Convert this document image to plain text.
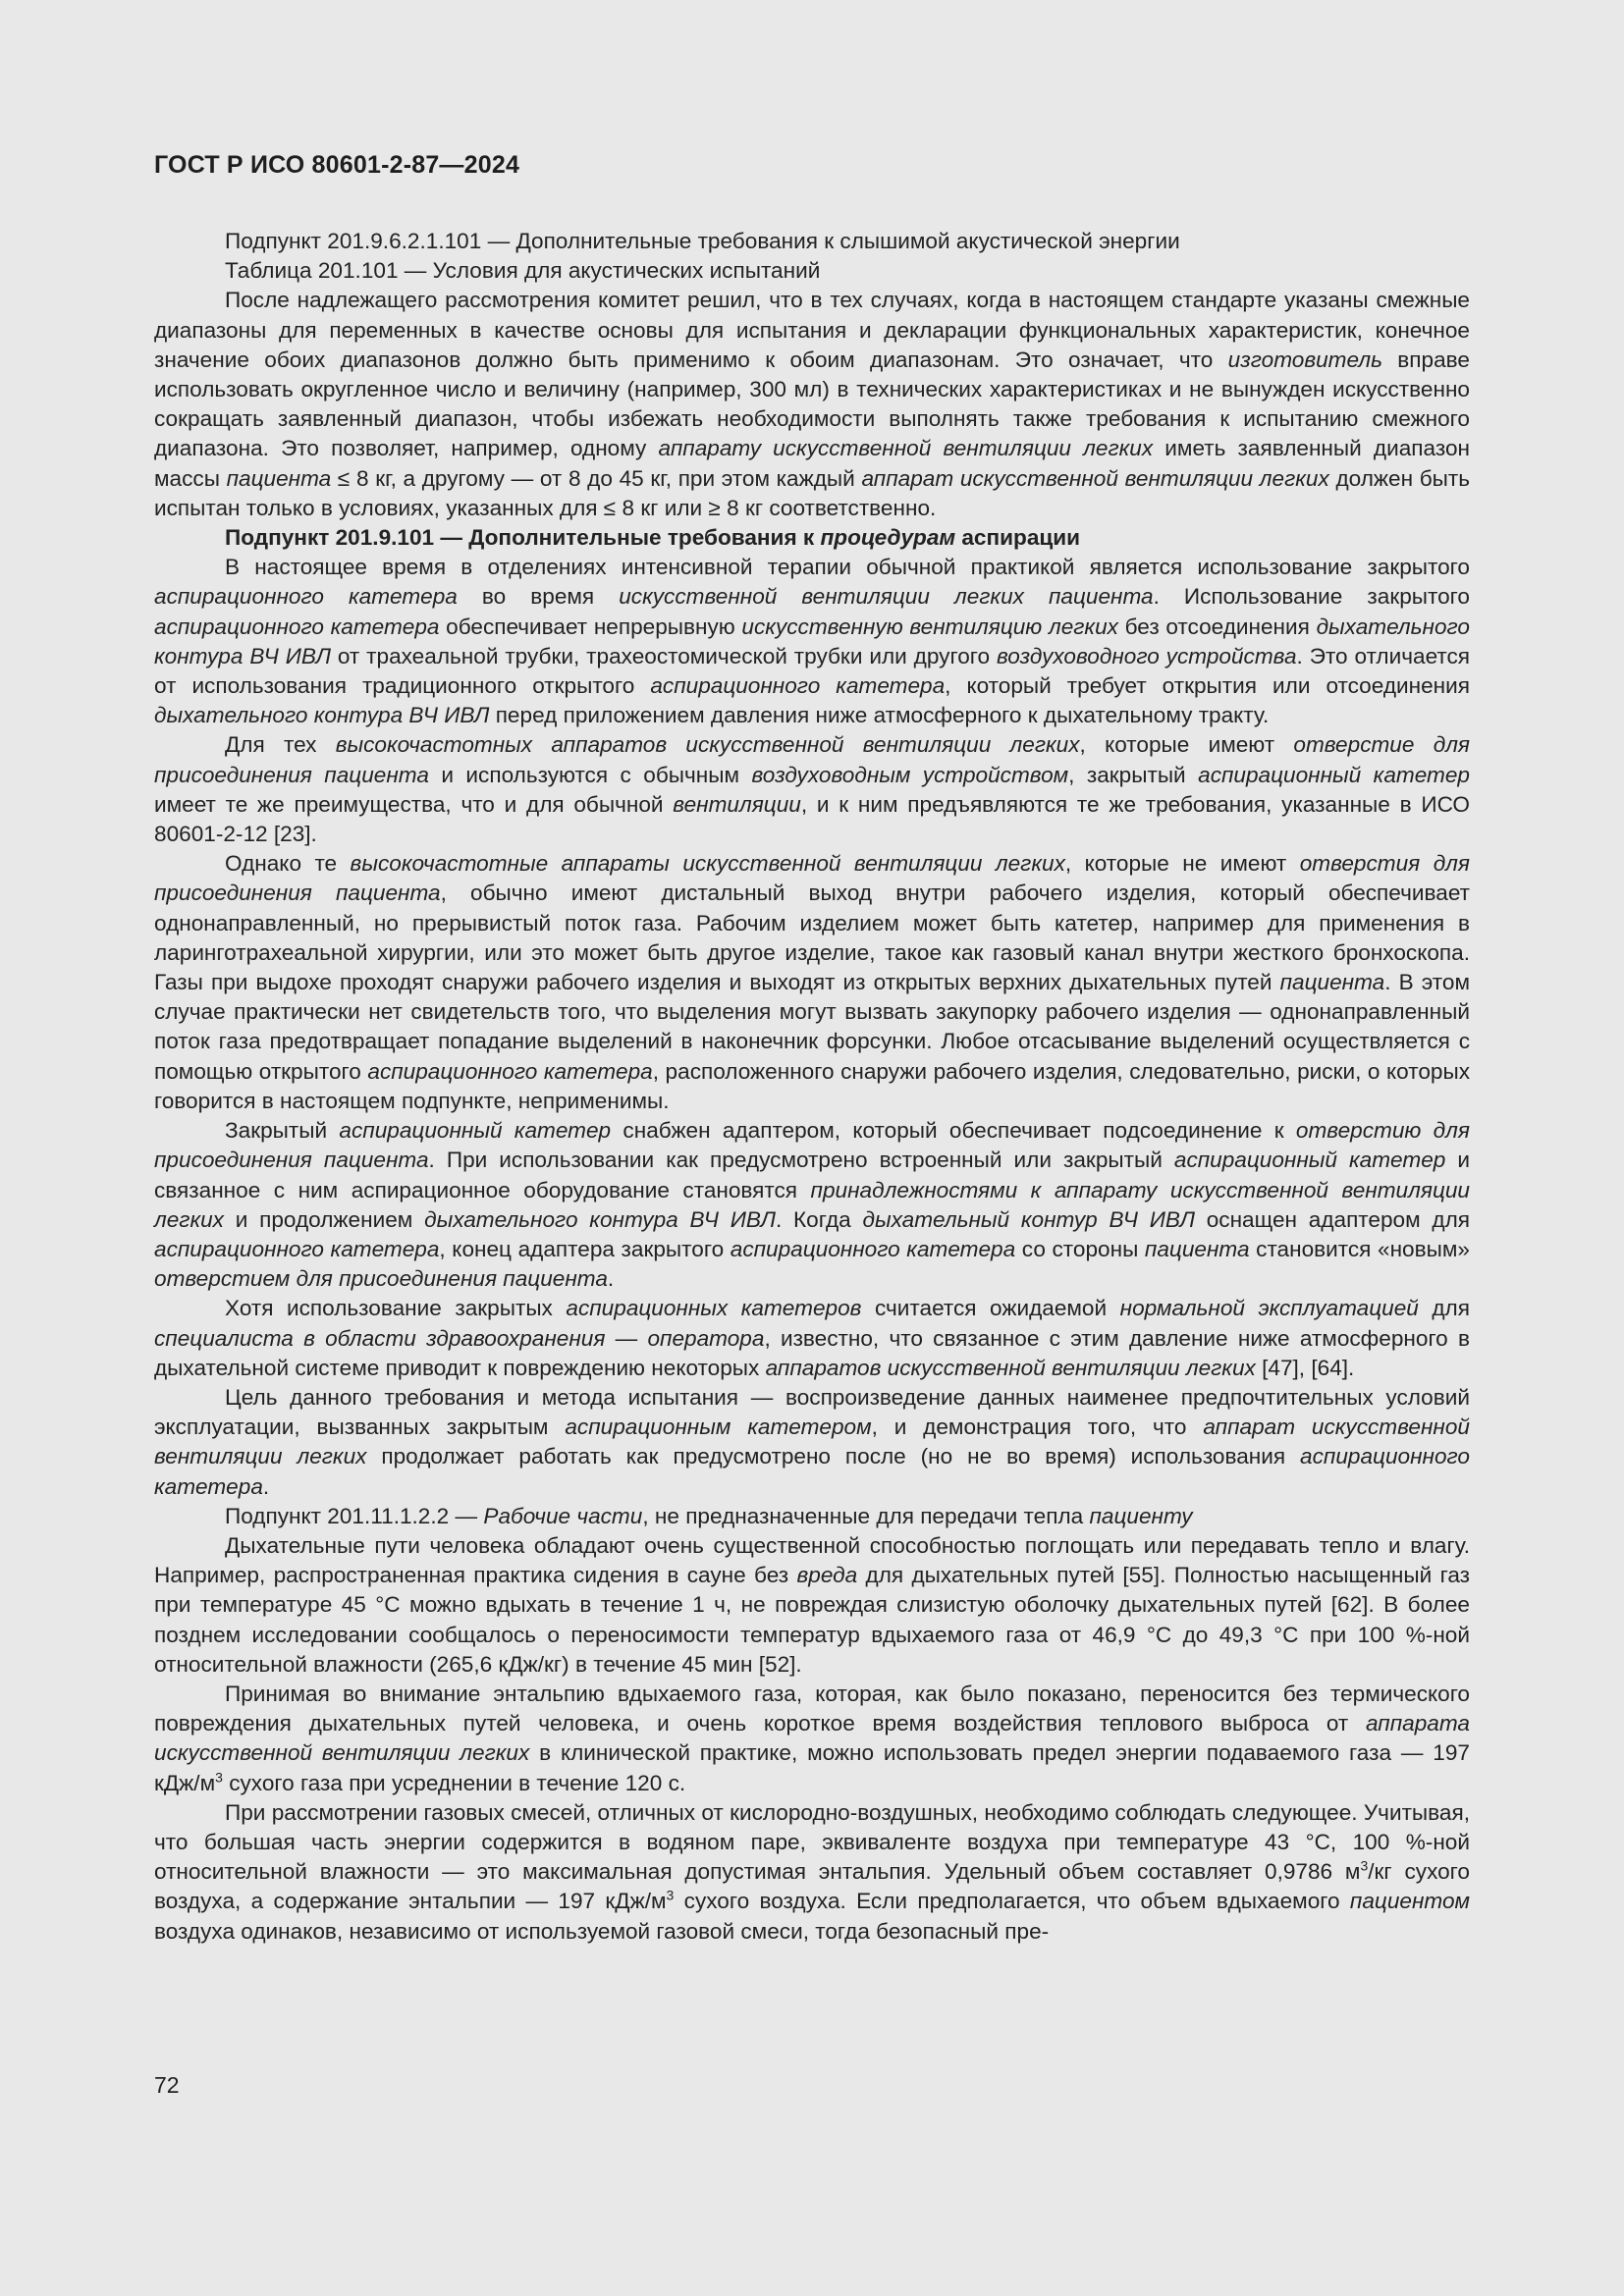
ГОСТ Р ИСО 80601-2-87—2024

Подпункт 201.9.6.2.1.101 — Дополнительные требования к слышимой акустической энергии

Таблица 201.101 — Условия для акустических испытаний

После надлежащего рассмотрения комитет решил, что в тех случаях, когда в настоящем стандарте указаны смежные диапазоны для переменных в качестве основы для испытания и декларации функциональных характеристик, конечное значение обоих диапазонов должно быть применимо к обоим диапазонам. Это означает, что изготовитель вправе использовать округленное число и величину (например, 300 мл) в технических характеристиках и не вынужден искусственно сокращать заявленный диапазон, чтобы избежать необходимости выполнять также требования к испытанию смежного диапазона. Это позволяет, например, одному аппарату искусственной вентиляции легких иметь заявленный диапазон массы пациента ≤ 8 кг, а другому — от 8 до 45 кг, при этом каждый аппарат искусственной вентиляции легких должен быть испытан только в условиях, указанных для ≤ 8 кг или ≥ 8 кг соответственно.

Подпункт 201.9.101 — Дополнительные требования к процедурам аспирации

В настоящее время в отделениях интенсивной терапии обычной практикой является использование закрытого аспирационного катетера во время искусственной вентиляции легких пациента. Использование закрытого аспирационного катетера обеспечивает непрерывную искусственную вентиляцию легких без отсоединения дыхательного контура ВЧ ИВЛ от трахеальной трубки, трахеостомической трубки или другого воздуховодного устройства. Это отличается от использования традиционного открытого аспирационного катетера, который требует открытия или отсоединения дыхательного контура ВЧ ИВЛ перед приложением давления ниже атмосферного к дыхательному тракту.

Для тех высокочастотных аппаратов искусственной вентиляции легких, которые имеют отверстие для присоединения пациента и используются с обычным воздуховодным устройством, закрытый аспирационный катетер имеет те же преимущества, что и для обычной вентиляции, и к ним предъявляются те же требования, указанные в ИСО 80601-2-12 [23].

Однако те высокочастотные аппараты искусственной вентиляции легких, которые не имеют отверстия для присоединения пациента, обычно имеют дистальный выход внутри рабочего изделия, который обеспечивает однонаправленный, но прерывистый поток газа. Рабочим изделием может быть катетер, например для применения в ларинготрахеальной хирургии, или это может быть другое изделие, такое как газовый канал внутри жесткого бронхоскопа. Газы при выдохе проходят снаружи рабочего изделия и выходят из открытых верхних дыхательных путей пациента. В этом случае практически нет свидетельств того, что выделения могут вызвать закупорку рабочего изделия — однонаправленный поток газа предотвращает попадание выделений в наконечник форсунки. Любое отсасывание выделений осуществляется с помощью открытого аспирационного катетера, расположенного снаружи рабочего изделия, следовательно, риски, о которых говорится в настоящем подпункте, неприменимы.

Закрытый аспирационный катетер снабжен адаптером, который обеспечивает подсоединение к отверстию для присоединения пациента. При использовании как предусмотрено встроенный или закрытый аспирационный катетер и связанное с ним аспирационное оборудование становятся принадлежностями к аппарату искусственной вентиляции легких и продолжением дыхательного контура ВЧ ИВЛ. Когда дыхательный контур ВЧ ИВЛ оснащен адаптером для аспирационного катетера, конец адаптера закрытого аспирационного катетера со стороны пациента становится «новым» отверстием для присоединения пациента.

Хотя использование закрытых аспирационных катетеров считается ожидаемой нормальной эксплуатацией для специалиста в области здравоохранения — оператора, известно, что связанное с этим давление ниже атмосферного в дыхательной системе приводит к повреждению некоторых аппаратов искусственной вентиляции легких [47], [64].

Цель данного требования и метода испытания — воспроизведение данных наименее предпочтительных условий эксплуатации, вызванных закрытым аспирационным катетером, и демонстрация того, что аппарат искусственной вентиляции легких продолжает работать как предусмотрено после (но не во время) использования аспирационного катетера.

Подпункт 201.11.1.2.2 — Рабочие части, не предназначенные для передачи тепла пациенту

Дыхательные пути человека обладают очень существенной способностью поглощать или передавать тепло и влагу. Например, распространенная практика сидения в сауне без вреда для дыхательных путей [55]. Полностью насыщенный газ при температуре 45 °С можно вдыхать в течение 1 ч, не повреждая слизистую оболочку дыхательных путей [62]. В более позднем исследовании сообщалось о переносимости температур вдыхаемого газа от 46,9 °С до 49,3 °С при 100 %-ной относительной влажности (265,6 кДж/кг) в течение 45 мин [52].

Принимая во внимание энтальпию вдыхаемого газа, которая, как было показано, переносится без термического повреждения дыхательных путей человека, и очень короткое время воздействия теплового выброса от аппарата искусственной вентиляции легких в клинической практике, можно использовать предел энергии подаваемого газа — 197 кДж/$м^3$ сухого газа при усреднении в течение 120 с.

При рассмотрении газовых смесей, отличных от кислородно-воздушных, необходимо соблюдать следующее. Учитывая, что большая часть энергии содержится в водяном паре, эквиваленте воздуха при температуре 43 °С, 100 %-ной относительной влажности — это максимальная допустимая энтальпия. Удельный объем составляет 0,9786 $м^3/кг$ сухого воздуха, а содержание энтальпии — 197 кДж/$м^3$ сухого воздуха. Если предполагается, что объем вдыхаемого пациентом воздуха одинаков, независимо от используемой газовой смеси, тогда безопасный пре-

72
